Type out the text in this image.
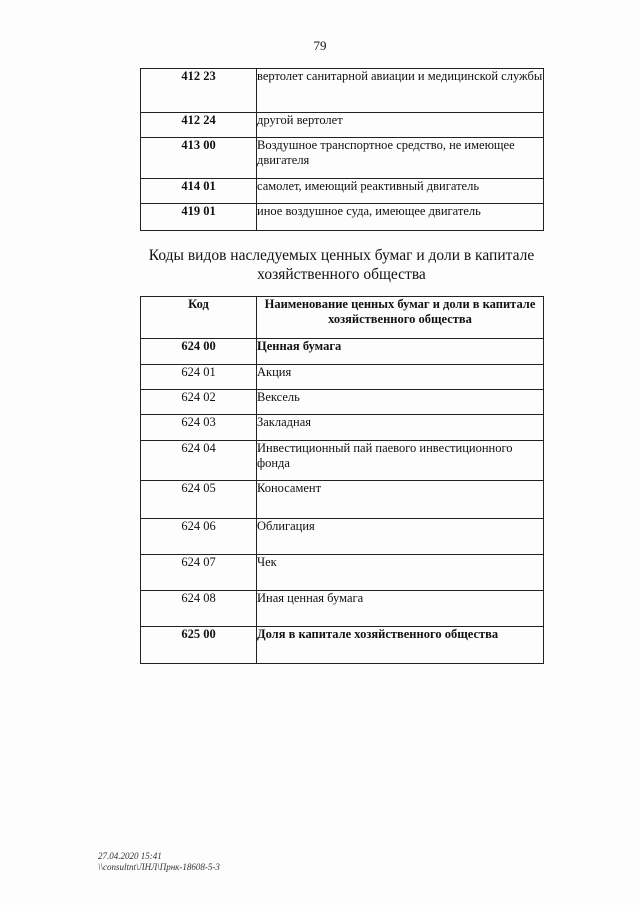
79
412 23	вертолет санитарной авиации и медицинской службы
412 24	другой вертолет
413 00	Воздушное транспортное средство, не имеющее двигателя
414 01	самолет, имеющий реактивный двигатель
419 01	иное воздушное суда, имеющее двигатель
Коды видов наследуемых ценных бумаг и доли в капитале хозяйственного общества
Код	Наименование ценных бумаг и доли в капитале хозяйственного общества
624 00	Ценная бумага
624 01	Акция
624 02	Вексель
624 03	Закладная
624 04	Инвестиционный пай паевого инвестиционного фонда
624 05	Коносамент
624 06	Облигация
624 07	Чек
624 08	Иная ценная бумага
625 00	Доля в капитале хозяйственного общества
27.04.2020 15:41
\\consultnt\ЛНЛ\Прнк-18608-5-3
